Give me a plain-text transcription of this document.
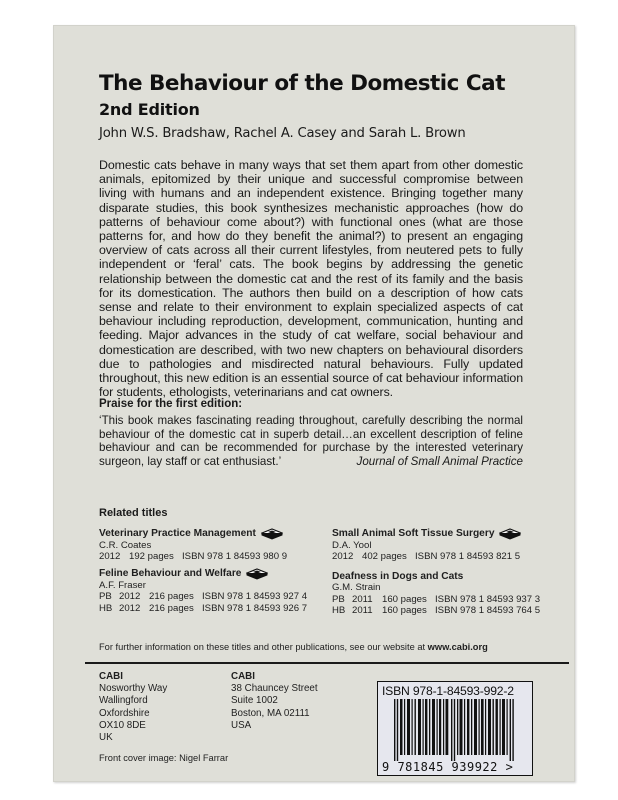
The Behaviour of the Domestic Cat
2nd Edition
John W.S. Bradshaw, Rachel A. Casey and Sarah L. Brown
Domestic cats behave in many ways that set them apart from other domestic animals, epitomized by their unique and successful compromise between living with humans and an independent existence. Bringing together many disparate studies, this book synthesizes mechanistic approaches (how do patterns of behaviour come about?) with functional ones (what are those patterns for, and how do they benefit the animal?) to present an engaging overview of cats across all their current lifestyles, from neutered pets to fully independent or ‘feral’ cats. The book begins by addressing the genetic relationship between the domestic cat and the rest of its family and the basis for its domestication. The authors then build on a description of how cats sense and relate to their environment to explain specialized aspects of cat behaviour including reproduction, development, communication, hunting and feeding. Major advances in the study of cat welfare, social behaviour and domestication are described, with two new chapters on behavioural disorders due to pathologies and misdirected natural behaviours. Fully updated throughout, this new edition is an essential source of cat behaviour information for students, ethologists, veterinarians and cat owners.
Praise for the first edition:
‘This book makes fascinating reading throughout, carefully describing the normal behaviour of the domestic cat in superb detail…an excellent description of feline behaviour and can be recommended for purchase by the interested veterinary surgeon, lay staff or cat enthusiast.’	Journal of Small Animal Practice
Related titles
Veterinary Practice Management
C.R. Coates
2012 192 pages ISBN 978 1 84593 980 9
Feline Behaviour and Welfare
A.F. Fraser
PB 2012 216 pages ISBN 978 1 84593 927 4
HB 2012 216 pages ISBN 978 1 84593 926 7
Small Animal Soft Tissue Surgery
D.A. Yool
2012 402 pages ISBN 978 1 84593 821 5
Deafness in Dogs and Cats
G.M. Strain
PB 2011 160 pages ISBN 978 1 84593 937 3
HB 2011 160 pages ISBN 978 1 84593 764 5
For further information on these titles and other publications, see our website at www.cabi.org
CABI
Nosworthy Way
Wallingford
Oxfordshire
OX10 8DE
UK
CABI
38 Chauncey Street
Suite 1002
Boston, MA 02111
USA
Front cover image: Nigel Farrar
ISBN 978-1-84593-992-2
9 781845 939922 >
